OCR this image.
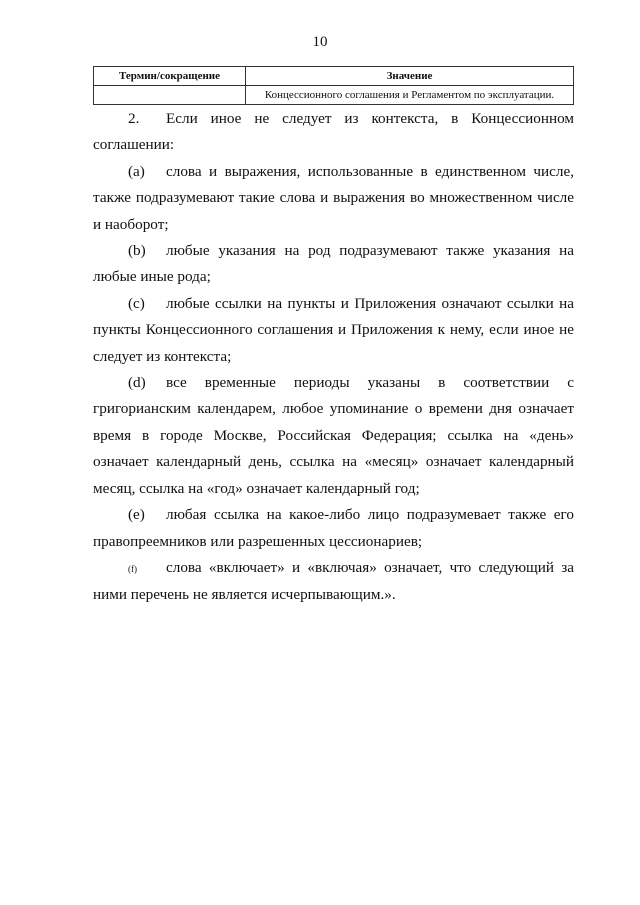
10
Термин/сокращение	Значение
	Концессионного соглашения и Регламентом по эксплуатации.

2. Если иное не следует из контекста, в Концессионном соглашении:

(a) слова и выражения, использованные в единственном числе, также подразумевают такие слова и выражения во множественном числе и наоборот;

(b) любые указания на род подразумевают также указания на любые иные рода;

(c) любые ссылки на пункты и Приложения означают ссылки на пункты Концессионного соглашения и Приложения к нему, если иное не следует из контекста;

(d) все временные периоды указаны в соответствии с григорианским календарем, любое упоминание о времени дня означает время в городе Москве, Российская Федерация; ссылка на «день» означает календарный день, ссылка на «месяц» означает календарный месяц, ссылка на «год» означает календарный год;

(e) любая ссылка на какое-либо лицо подразумевает также его правопреемников или разрешенных цессионариев;

(f) слова «включает» и «включая» означает, что следующий за ними перечень не является исчерпывающим.».
